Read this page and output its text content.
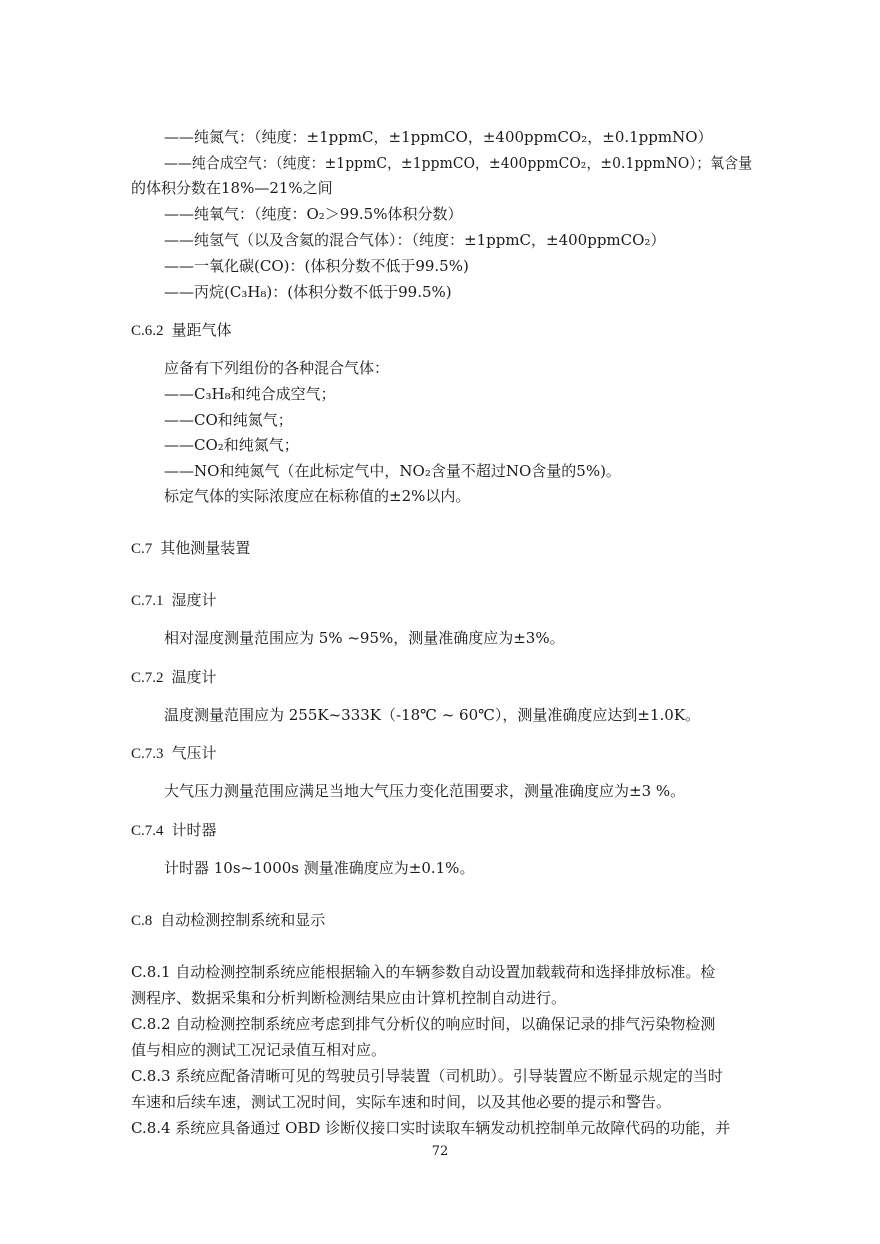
——纯氮气：（纯度：±1ppmC，±1ppmCO，±400ppmCO₂，±0.1ppmNO）
——纯合成空气：（纯度：±1ppmC，±1ppmCO，±400ppmCO₂，±0.1ppmNO）；氧含量
的体积分数在18%—21%之间
——纯氧气：（纯度：O₂＞99.5%体积分数）
——纯氢气（以及含氦的混合气体）：（纯度：±1ppmC，±400ppmCO₂）
——一氧化碳(CO)：(体积分数不低于99.5%)
——丙烷(C₃H₈)：(体积分数不低于99.5%)
C.6.2 量距气体
应备有下列组份的各种混合气体：
——C₃H₈和纯合成空气；
——CO和纯氮气；
——CO₂和纯氮气；
——NO和纯氮气（在此标定气中，NO₂含量不超过NO含量的5%)。
标定气体的实际浓度应在标称值的±2%以内。
C.7 其他测量装置
C.7.1 湿度计
相对湿度测量范围应为 5% ~95%，测量准确度应为±3%。
C.7.2 温度计
温度测量范围应为 255K~333K（-18℃ ~ 60℃），测量准确度应达到±1.0K。
C.7.3 气压计
大气压力测量范围应满足当地大气压力变化范围要求，测量准确度应为±3 %。
C.7.4 计时器
计时器 10s~1000s 测量准确度应为±0.1%。
C.8 自动检测控制系统和显示
C.8.1 自动检测控制系统应能根据输入的车辆参数自动设置加载载荷和选择排放标准。检
测程序、数据采集和分析判断检测结果应由计算机控制自动进行。
C.8.2 自动检测控制系统应考虑到排气分析仪的响应时间，以确保记录的排气污染物检测
值与相应的测试工况记录值互相对应。
C.8.3 系统应配备清晰可见的驾驶员引导装置（司机助）。引导装置应不断显示规定的当时
车速和后续车速，测试工况时间，实际车速和时间，以及其他必要的提示和警告。
C.8.4 系统应具备通过 OBD 诊断仪接口实时读取车辆发动机控制单元故障代码的功能，并
72
